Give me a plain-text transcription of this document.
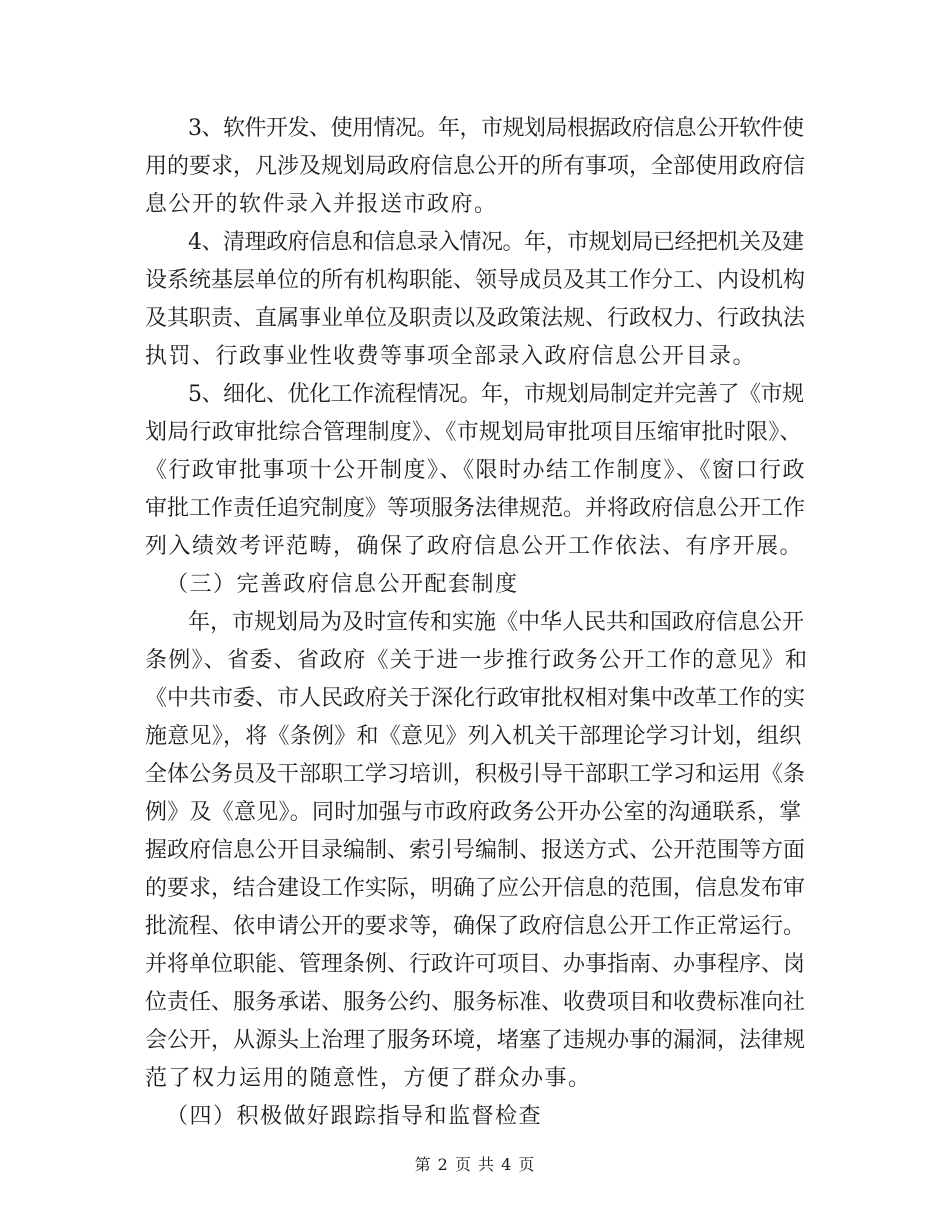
3、软件开发、使用情况。年，市规划局根据政府信息公开软件使
用的要求，凡涉及规划局政府信息公开的所有事项，全部使用政府信
息公开的软件录入并报送市政府。
4、清理政府信息和信息录入情况。年，市规划局已经把机关及建
设系统基层单位的所有机构职能、领导成员及其工作分工、内设机构
及其职责、直属事业单位及职责以及政策法规、行政权力、行政执法
执罚、行政事业性收费等事项全部录入政府信息公开目录。
5、细化、优化工作流程情况。年，市规划局制定并完善了《市规
划局行政审批综合管理制度》、《市规划局审批项目压缩审批时限》、
《行政审批事项十公开制度》、《限时办结工作制度》、《窗口行政
审批工作责任追究制度》等项服务法律规范。并将政府信息公开工作
列入绩效考评范畴，确保了政府信息公开工作依法、有序开展。
（三）完善政府信息公开配套制度
年，市规划局为及时宣传和实施《中华人民共和国政府信息公开
条例》、省委、省政府《关于进一步推行政务公开工作的意见》和
《中共市委、市人民政府关于深化行政审批权相对集中改革工作的实
施意见》，将《条例》和《意见》列入机关干部理论学习计划，组织
全体公务员及干部职工学习培训，积极引导干部职工学习和运用《条
例》及《意见》。同时加强与市政府政务公开办公室的沟通联系，掌
握政府信息公开目录编制、索引号编制、报送方式、公开范围等方面
的要求，结合建设工作实际，明确了应公开信息的范围，信息发布审
批流程、依申请公开的要求等，确保了政府信息公开工作正常运行。
并将单位职能、管理条例、行政许可项目、办事指南、办事程序、岗
位责任、服务承诺、服务公约、服务标准、收费项目和收费标准向社
会公开，从源头上治理了服务环境，堵塞了违规办事的漏洞，法律规
范了权力运用的随意性，方便了群众办事。
（四）积极做好跟踪指导和监督检查
第 2 页 共 4 页
